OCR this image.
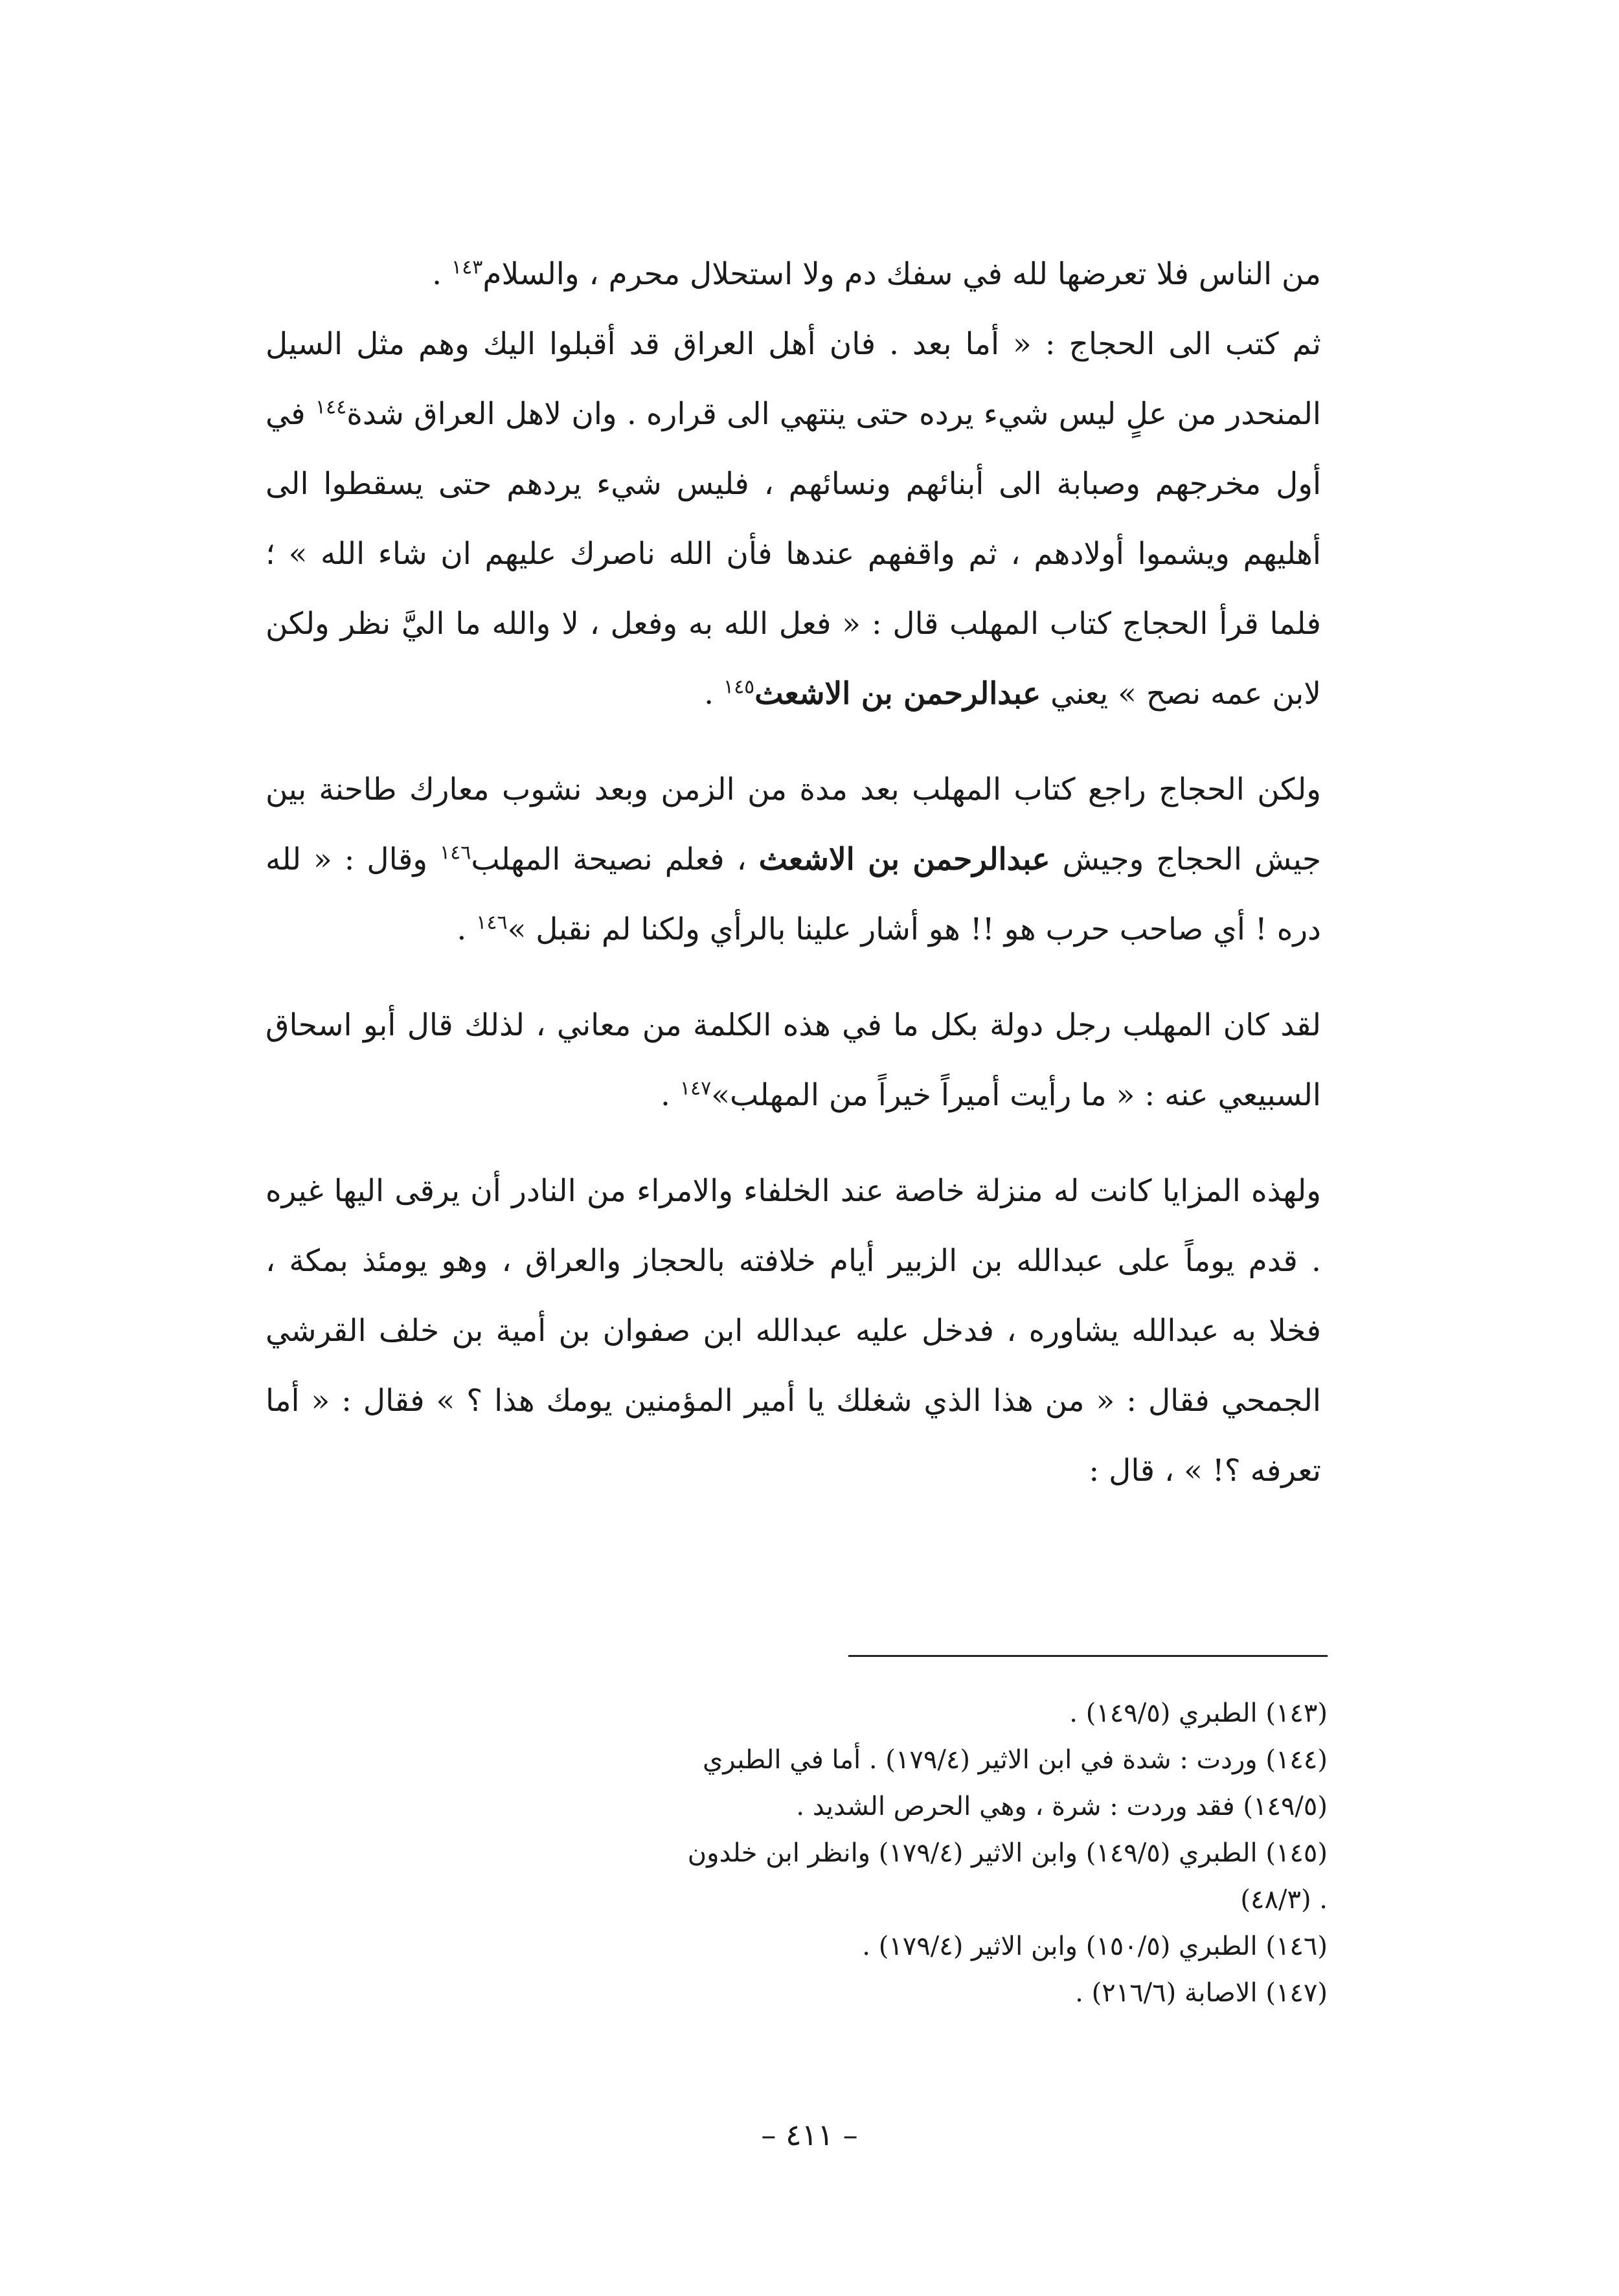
من الناس فلا تعرضها لله في سفك دم ولا استحلال محرم ، والسلام$^{١٤٣}$ .

ثم كتب الى الحجاج : « أما بعد . فان أهل العراق قد أقبلوا اليك وهم مثل السيل المنحدر من علٍ ليس شيء يرده حتى ينتهي الى قراره . وان لاهل العراق شدة$^{١٤٤}$ في أول مخرجهم وصبابة الى أبنائهم ونسائهم ، فليس شيء يردهم حتى يسقطوا الى أهليهم ويشموا أولادهم ، ثم واقفهم عندها فأن الله ناصرك عليهم ان شاء الله » ؛ فلما قرأ الحجاج كتاب المهلب قال : « فعل الله به وفعل ، لا والله ما اليَّ نظر ولكن لابن عمه نصح » يعني عبدالرحمن بن الاشعث$^{١٤٥}$ .

ولكن الحجاج راجع كتاب المهلب بعد مدة من الزمن وبعد نشوب معارك طاحنة بين جيش الحجاج وجيش عبدالرحمن بن الاشعث ، فعلم نصيحة المهلب$^{١٤٦}$ وقال : « لله دره ! أي صاحب حرب هو !! هو أشار علينا بالرأي ولكنا لم نقبل »$^{١٤٦}$ .

لقد كان المهلب رجل دولة بكل ما في هذه الكلمة من معاني ، لذلك قال أبو اسحاق السبيعي عنه : « ما رأيت أميراً خيراً من المهلب»$^{١٤٧}$ .

ولهذه المزايا كانت له منزلة خاصة عند الخلفاء والامراء من النادر أن يرقى اليها غيره . قدم يوماً على عبدالله بن الزبير أيام خلافته بالحجاز والعراق ، وهو يومئذ بمكة ، فخلا به عبدالله يشاوره ، فدخل عليه عبدالله ابن صفوان بن أمية بن خلف القرشي الجمحي فقال : « من هذا الذي شغلك يا أمير المؤمنين يومك هذا ؟ » فقال : « أما تعرفه ؟! » ، قال :

(١٤٣) الطبري (١٤٩/٥) .
(١٤٤) وردت : شدة في ابن الاثير (١٧٩/٤) . أما في الطبري
(١٤٩/٥) فقد وردت : شرة ، وهي الحرص الشديد .
(١٤٥) الطبري (١٤٩/٥) وابن الاثير (١٧٩/٤) وانظر ابن خلدون
. (٤٨/٣)
(١٤٦) الطبري (١٥٠/٥) وابن الاثير (١٧٩/٤) .
(١٤٧) الاصابة (٢١٦/٦) .
– ٤١١ –
